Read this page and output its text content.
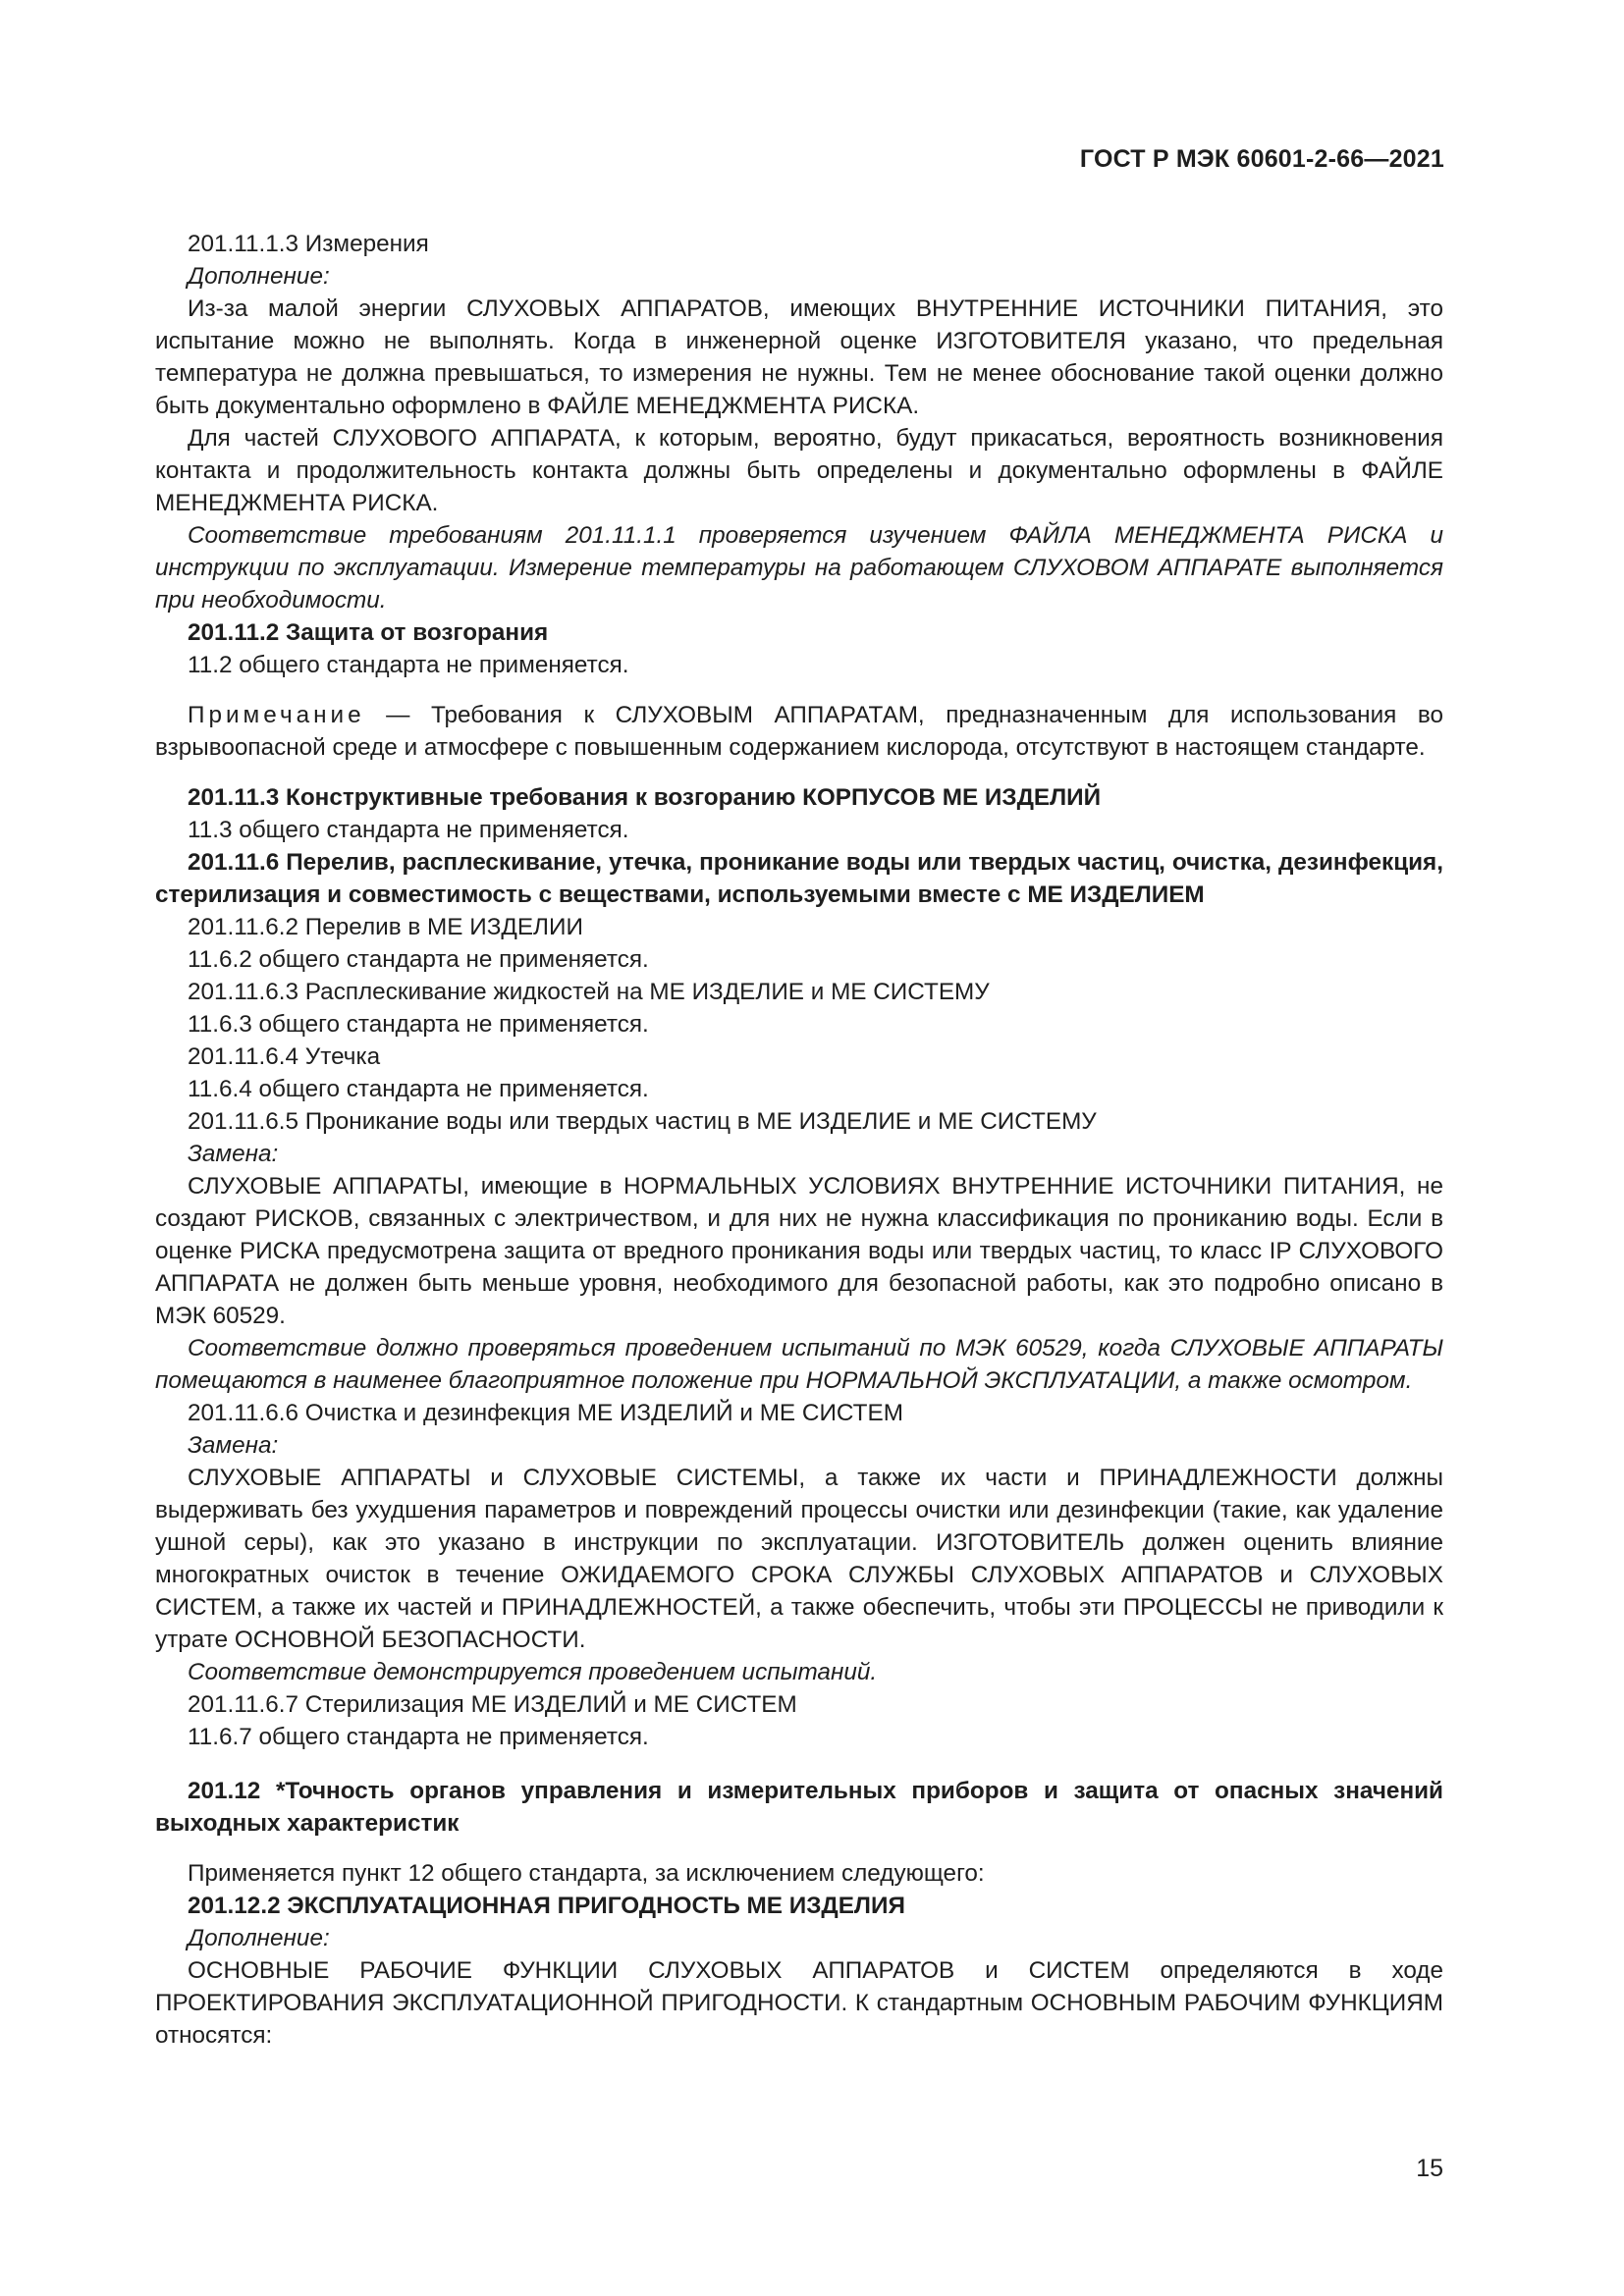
ГОСТ Р МЭК 60601-2-66—2021

201.11.1.3 Измерения

Дополнение:

Из-за малой энергии СЛУХОВЫХ АППАРАТОВ, имеющих ВНУТРЕННИЕ ИСТОЧНИКИ ПИТАНИЯ, это испытание можно не выполнять. Когда в инженерной оценке ИЗГОТОВИТЕЛЯ указано, что предельная температура не должна превышаться, то измерения не нужны. Тем не менее обоснование такой оценки должно быть документально оформлено в ФАЙЛЕ МЕНЕДЖМЕНТА РИСКА.

Для частей СЛУХОВОГО АППАРАТА, к которым, вероятно, будут прикасаться, вероятность возникновения контакта и продолжительность контакта должны быть определены и документально оформлены в ФАЙЛЕ МЕНЕДЖМЕНТА РИСКА.

Соответствие требованиям 201.11.1.1 проверяется изучением ФАЙЛА МЕНЕДЖМЕНТА РИСКА и инструкции по эксплуатации. Измерение температуры на работающем СЛУХОВОМ АППАРАТЕ выполняется при необходимости.

201.11.2 Защита от возгорания

11.2 общего стандарта не применяется.

Примечание — Требования к СЛУХОВЫМ АППАРАТАМ, предназначенным для использования во взрывоопасной среде и атмосфере с повышенным содержанием кислорода, отсутствуют в настоящем стандарте.

201.11.3 Конструктивные требования к возгоранию КОРПУСОВ МЕ ИЗДЕЛИЙ

11.3 общего стандарта не применяется.

201.11.6 Перелив, расплескивание, утечка, проникание воды или твердых частиц, очистка, дезинфекция, стерилизация и совместимость с веществами, используемыми вместе с МЕ ИЗДЕЛИЕМ

201.11.6.2 Перелив в МЕ ИЗДЕЛИИ

11.6.2 общего стандарта не применяется.

201.11.6.3 Расплескивание жидкостей на МЕ ИЗДЕЛИЕ и МЕ СИСТЕМУ

11.6.3 общего стандарта не применяется.

201.11.6.4 Утечка

11.6.4 общего стандарта не применяется.

201.11.6.5 Проникание воды или твердых частиц в МЕ ИЗДЕЛИЕ и МЕ СИСТЕМУ

Замена:

СЛУХОВЫЕ АППАРАТЫ, имеющие в НОРМАЛЬНЫХ УСЛОВИЯХ ВНУТРЕННИЕ ИСТОЧНИКИ ПИТАНИЯ, не создают РИСКОВ, связанных с электричеством, и для них не нужна классификация по прониканию воды. Если в оценке РИСКА предусмотрена защита от вредного проникания воды или твердых частиц, то класс IP СЛУХОВОГО АППАРАТА не должен быть меньше уровня, необходимого для безопасной работы, как это подробно описано в МЭК 60529.

Соответствие должно проверяться проведением испытаний по МЭК 60529, когда СЛУХОВЫЕ АППАРАТЫ помещаются в наименее благоприятное положение при НОРМАЛЬНОЙ ЭКСПЛУАТАЦИИ, а также осмотром.

201.11.6.6 Очистка и дезинфекция МЕ ИЗДЕЛИЙ и МЕ СИСТЕМ

Замена:

СЛУХОВЫЕ АППАРАТЫ и СЛУХОВЫЕ СИСТЕМЫ, а также их части и ПРИНАДЛЕЖНОСТИ должны выдерживать без ухудшения параметров и повреждений процессы очистки или дезинфекции (такие, как удаление ушной серы), как это указано в инструкции по эксплуатации. ИЗГОТОВИТЕЛЬ должен оценить влияние многократных очисток в течение ОЖИДАЕМОГО СРОКА СЛУЖБЫ СЛУХОВЫХ АППАРАТОВ и СЛУХОВЫХ СИСТЕМ, а также их частей и ПРИНАДЛЕЖНОСТЕЙ, а также обеспечить, чтобы эти ПРОЦЕССЫ не приводили к утрате ОСНОВНОЙ БЕЗОПАСНОСТИ.

Соответствие демонстрируется проведением испытаний.

201.11.6.7 Стерилизация МЕ ИЗДЕЛИЙ и МЕ СИСТЕМ

11.6.7 общего стандарта не применяется.

201.12 *Точность органов управления и измерительных приборов и защита от опасных значений выходных характеристик

Применяется пункт 12 общего стандарта, за исключением следующего:

201.12.2 ЭКСПЛУАТАЦИОННАЯ ПРИГОДНОСТЬ МЕ ИЗДЕЛИЯ

Дополнение:

ОСНОВНЫЕ РАБОЧИЕ ФУНКЦИИ СЛУХОВЫХ АППАРАТОВ и СИСТЕМ определяются в ходе ПРОЕКТИРОВАНИЯ ЭКСПЛУАТАЦИОННОЙ ПРИГОДНОСТИ. К стандартным ОСНОВНЫМ РАБОЧИМ ФУНКЦИЯМ относятся:

15
